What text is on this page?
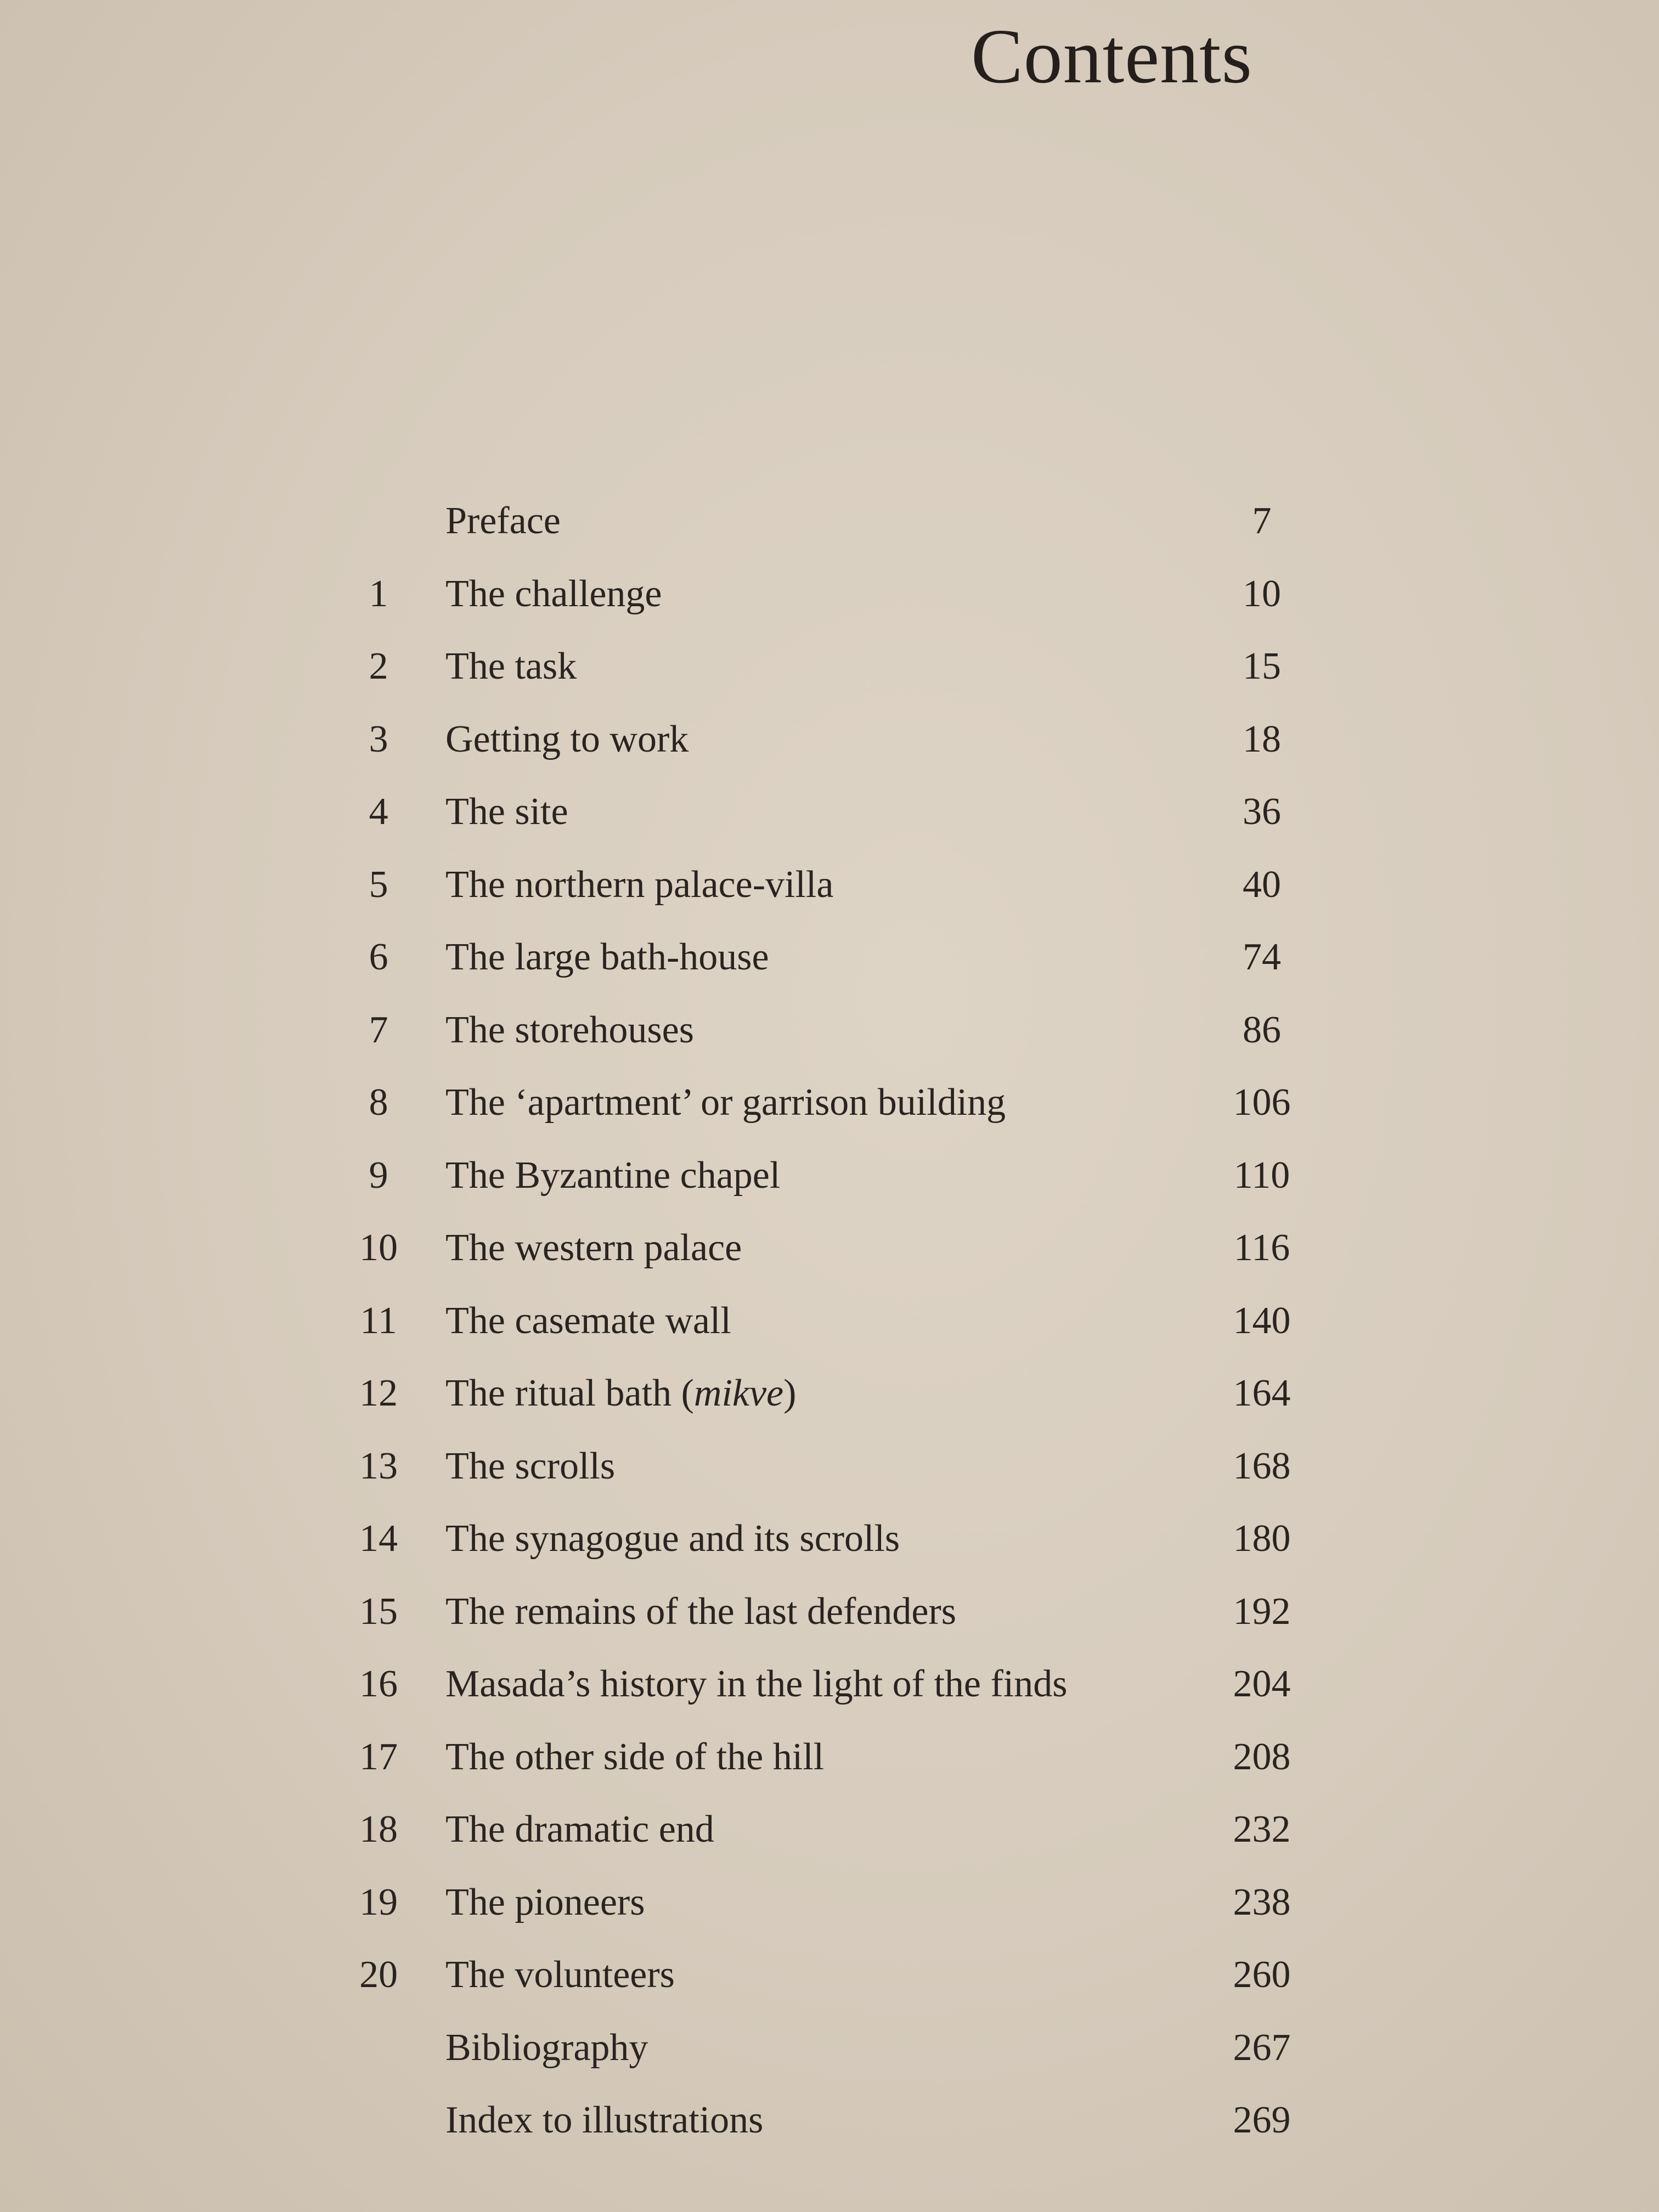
Contents
Preface	7
1	The challenge	10
2	The task	15
3	Getting to work	18
4	The site	36
5	The northern palace-villa	40
6	The large bath-house	74
7	The storehouses	86
8	The ‘apartment’ or garrison building	106
9	The Byzantine chapel	110
10	The western palace	116
11	The casemate wall	140
12	The ritual bath (mikve)	164
13	The scrolls	168
14	The synagogue and its scrolls	180
15	The remains of the last defenders	192
16	Masada’s history in the light of the finds	204
17	The other side of the hill	208
18	The dramatic end	232
19	The pioneers	238
20	The volunteers	260
Bibliography	267
Index to illustrations	269
